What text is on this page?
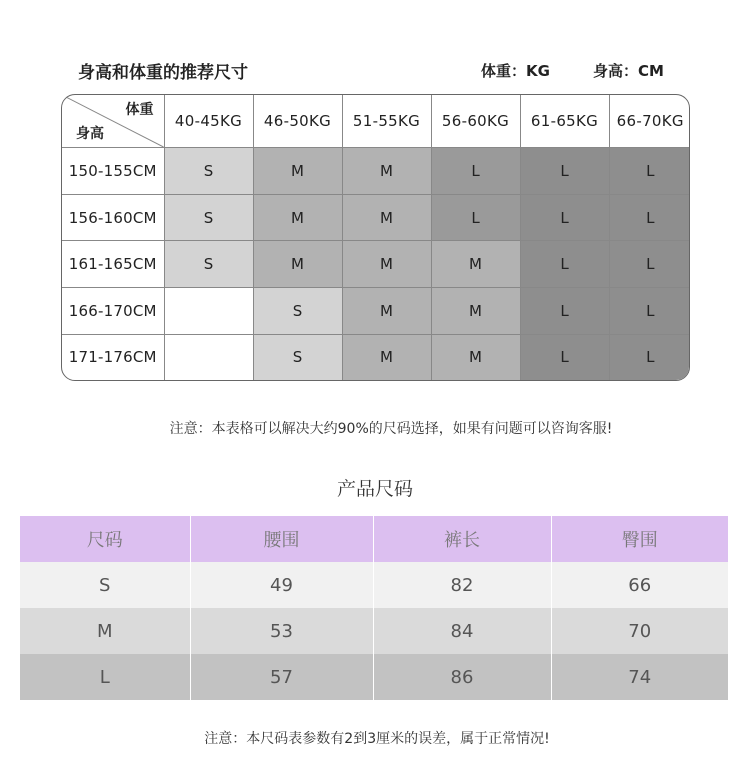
身高和体重的推荐尺寸	体重：KG	身高：CM
体重
身高	40-45KG	46-50KG	51-55KG	56-60KG	61-65KG	66-70KG
150-155CM	S	M	M	L	L	L
156-160CM	S	M	M	L	L	L
161-165CM	S	M	M	M	L	L
166-170CM		S	M	M	L	L
171-176CM		S	M	M	L	L
注意：本表格可以解决大约90%的尺码选择，如果有问题可以咨询客服!
产品尺码
尺码	腰围	裤长	臀围
S	49	82	66
M	53	84	70
L	57	86	74
注意：本尺码表参数有2到3厘米的误差，属于正常情况!
